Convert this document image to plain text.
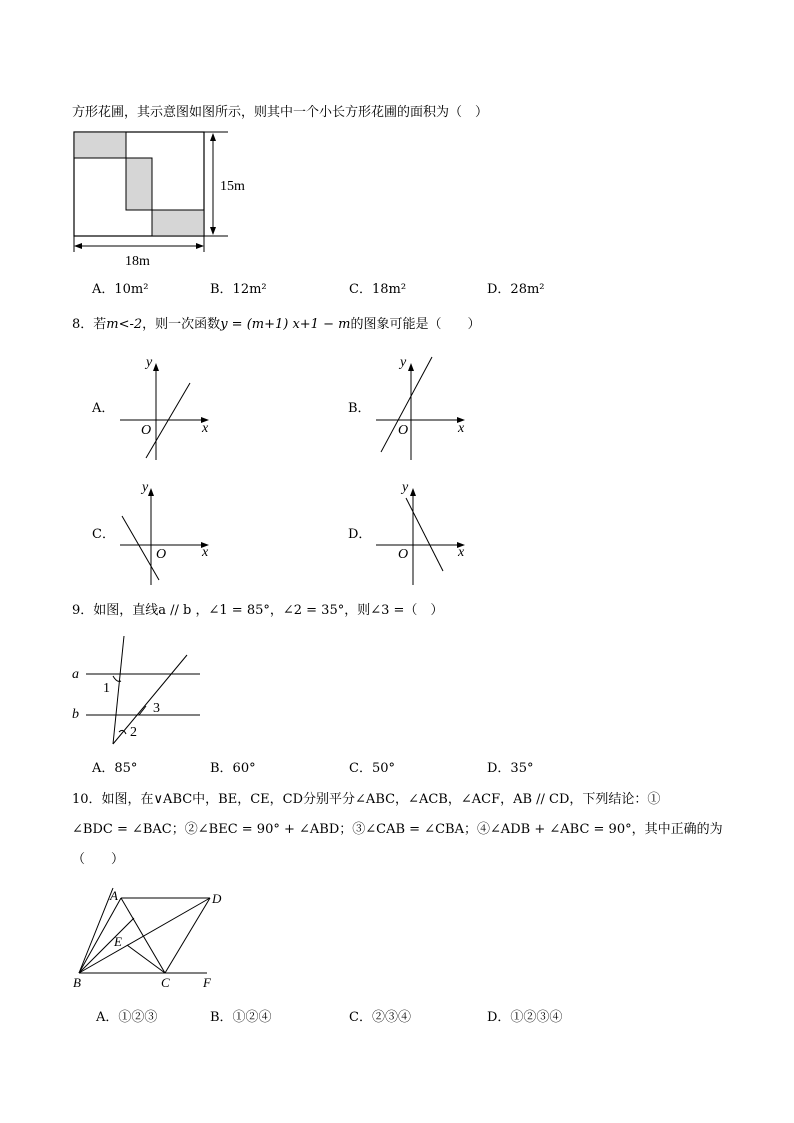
方形花圃，其示意图如图所示，则其中一个小长方形花圃的面积为（　）
15m
18m
A．10m²	B．12m²	C．18m²	D．28m²
8．若m<-2，则一次函数y = (m+1) x+1 − m的图象可能是（　　）
A．	B．
C．	D．
y
x
O
y
x
O
y
x
O
y
x
O
9．如图，直线a // b ，∠1 = 85°，∠2 = 35°，则∠3 =（　）
a
b
1
3
2
A．85°	B．60°	C．50°	D．35°
10．如图，在∨ABC中，BE，CE，CD分别平分∠ABC，∠ACB，∠ACF，AB // CD，下列结论：①
∠BDC = ∠BAC；②∠BEC = 90° + ∠ABD；③∠CAB = ∠CBA；④∠ADB + ∠ABC = 90°，其中正确的为
（　　）
A	D
E
B	C	F
A．①②③	B．①②④	C．②③④	D．①②③④
